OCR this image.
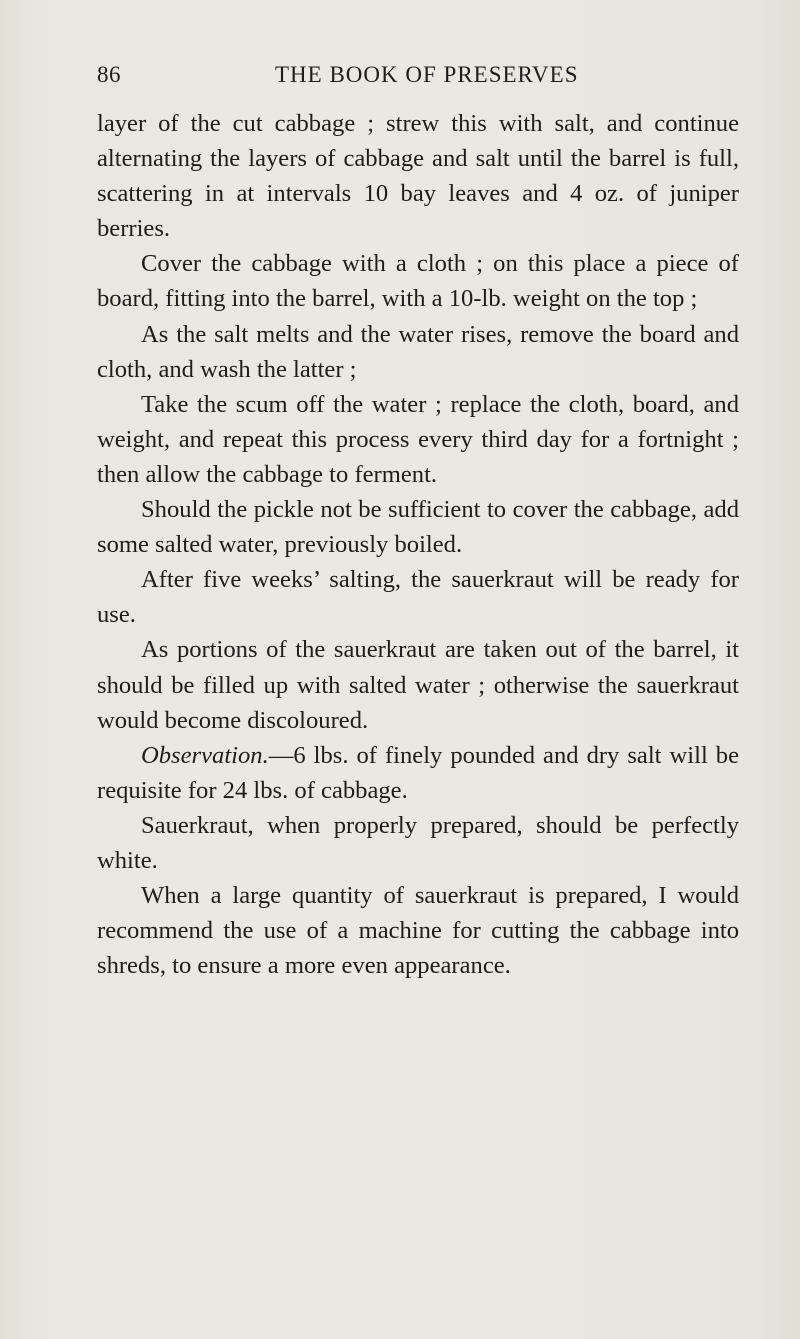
86	THE BOOK OF PRESERVES

layer of the cut cabbage ; strew this with salt, and continue alternating the layers of cabbage and salt until the barrel is full, scattering in at intervals 10 bay leaves and 4 oz. of juniper berries.

Cover the cabbage with a cloth ; on this place a piece of board, fitting into the barrel, with a 10-lb. weight on the top ;

As the salt melts and the water rises, remove the board and cloth, and wash the latter ;

Take the scum off the water ; replace the cloth, board, and weight, and repeat this process every third day for a fortnight ; then allow the cabbage to ferment.

Should the pickle not be sufficient to cover the cabbage, add some salted water, previously boiled.

After five weeks’ salting, the sauerkraut will be ready for use.

As portions of the sauerkraut are taken out of the barrel, it should be filled up with salted water ; otherwise the sauerkraut would become discoloured.

Observation.—6 lbs. of finely pounded and dry salt will be requisite for 24 lbs. of cabbage.

Sauerkraut, when properly prepared, should be perfectly white.

When a large quantity of sauerkraut is prepared, I would recommend the use of a machine for cutting the cabbage into shreds, to ensure a more even appearance.
